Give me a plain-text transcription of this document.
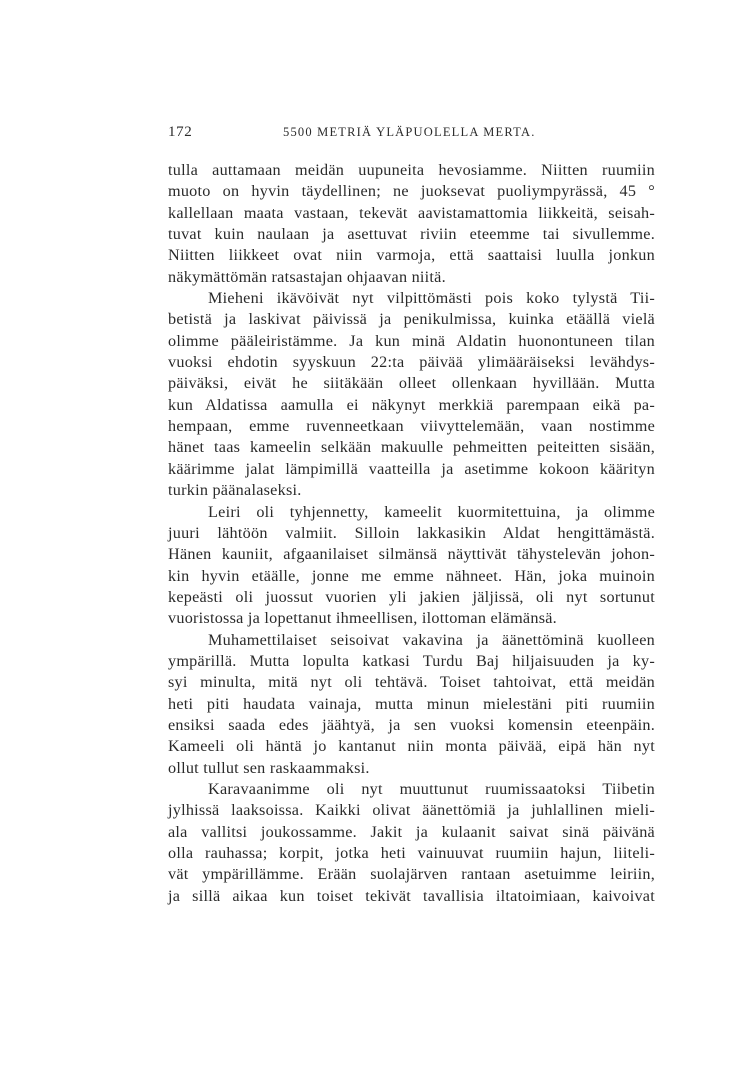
172	5500 METRIÄ YLÄPUOLELLA MERTA.
tulla auttamaan meidän uupuneita hevosiamme. Niitten ruumiin
muoto on hyvin täydellinen; ne juoksevat puoliympyrässä, 45 °
kallellaan maata vastaan, tekevät aavistamattomia liikkeitä, seisah-
tuvat kuin naulaan ja asettuvat riviin eteemme tai sivullemme.
Niitten liikkeet ovat niin varmoja, että saattaisi luulla jonkun
näkymättömän ratsastajan ohjaavan niitä.
Mieheni ikävöivät nyt vilpittömästi pois koko tylystä Tii-
betistä ja laskivat päivissä ja penikulmissa, kuinka etäällä vielä
olimme pääleiristämme. Ja kun minä Aldatin huonontuneen tilan
vuoksi ehdotin syyskuun 22:ta päivää ylimääräiseksi levähdys-
päiväksi, eivät he siitäkään olleet ollenkaan hyvillään. Mutta
kun Aldatissa aamulla ei näkynyt merkkiä parempaan eikä pa-
hempaan, emme ruvenneetkaan viivyttelemään, vaan nostimme
hänet taas kameelin selkään makuulle pehmeitten peiteitten sisään,
käärimme jalat lämpimillä vaatteilla ja asetimme kokoon käärityn
turkin päänalaseksi.
Leiri oli tyhjennetty, kameelit kuormitettuina, ja olimme
juuri lähtöön valmiit. Silloin lakkasikin Aldat hengittämästä.
Hänen kauniit, afgaanilaiset silmänsä näyttivät tähystelevän johon-
kin hyvin etäälle, jonne me emme nähneet. Hän, joka muinoin
kepeästi oli juossut vuorien yli jakien jäljissä, oli nyt sortunut
vuoristossa ja lopettanut ihmeellisen, ilottoman elämänsä.
Muhamettilaiset seisoivat vakavina ja äänettöminä kuolleen
ympärillä. Mutta lopulta katkasi Turdu Baj hiljaisuuden ja ky-
syi minulta, mitä nyt oli tehtävä. Toiset tahtoivat, että meidän
heti piti haudata vainaja, mutta minun mielestäni piti ruumiin
ensiksi saada edes jäähtyä, ja sen vuoksi komensin eteenpäin.
Kameeli oli häntä jo kantanut niin monta päivää, eipä hän nyt
ollut tullut sen raskaammaksi.
Karavaanimme oli nyt muuttunut ruumissaatoksi Tiibetin
jylhissä laaksoissa. Kaikki olivat äänettömiä ja juhlallinen mieli-
ala vallitsi joukossamme. Jakit ja kulaanit saivat sinä päivänä
olla rauhassa; korpit, jotka heti vainuuvat ruumiin hajun, liiteli-
vät ympärillämme. Erään suolajärven rantaan asetuimme leiriin,
ja sillä aikaa kun toiset tekivät tavallisia iltatoimiaan, kaivoivat
